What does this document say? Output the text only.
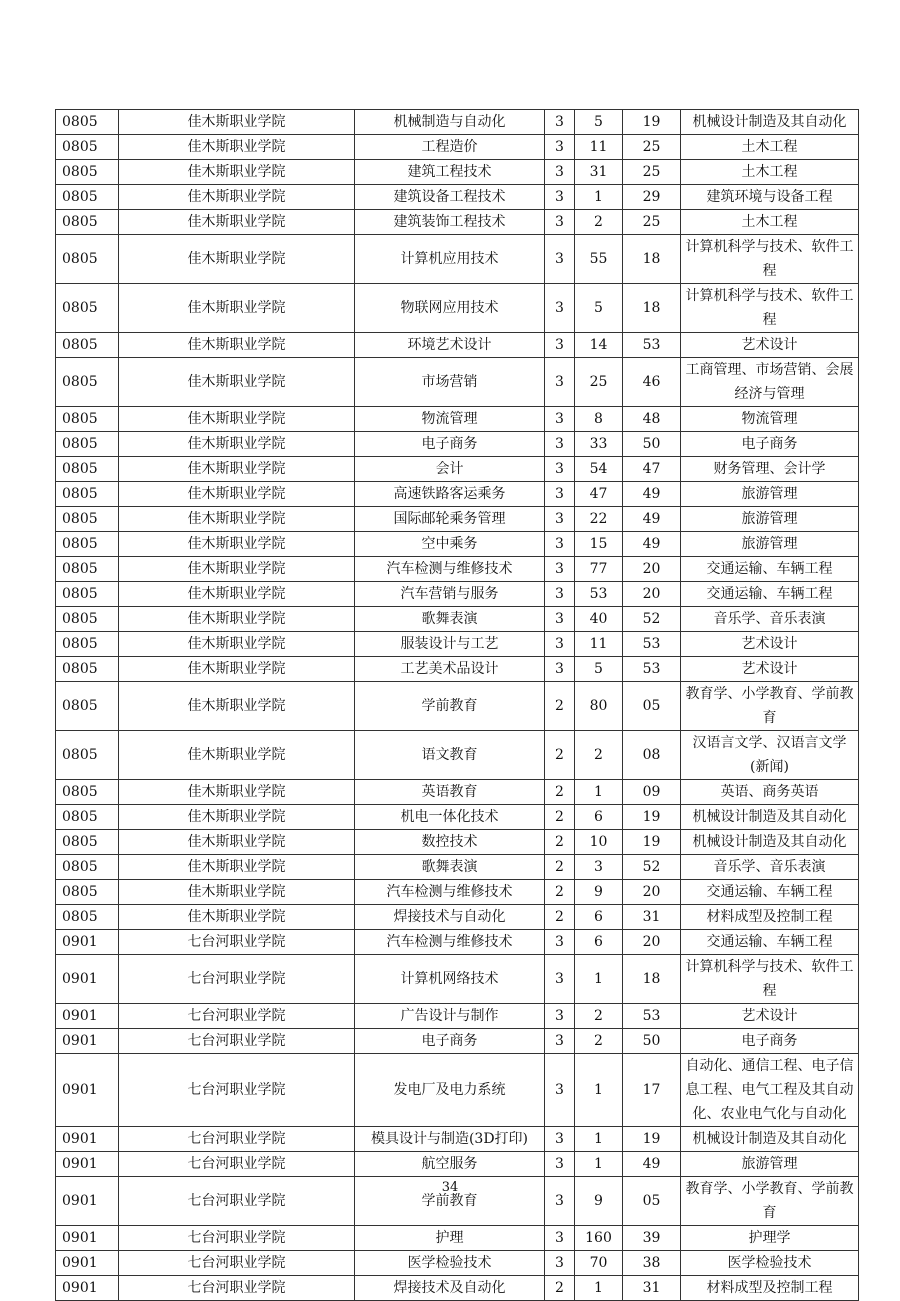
0805	佳木斯职业学院	机械制造与自动化	3	5	19	机械设计制造及其自动化
0805	佳木斯职业学院	工程造价	3	11	25	土木工程
0805	佳木斯职业学院	建筑工程技术	3	31	25	土木工程
0805	佳木斯职业学院	建筑设备工程技术	3	1	29	建筑环境与设备工程
0805	佳木斯职业学院	建筑装饰工程技术	3	2	25	土木工程
0805	佳木斯职业学院	计算机应用技术	3	55	18	计算机科学与技术、软件工程
0805	佳木斯职业学院	物联网应用技术	3	5	18	计算机科学与技术、软件工程
0805	佳木斯职业学院	环境艺术设计	3	14	53	艺术设计
0805	佳木斯职业学院	市场营销	3	25	46	工商管理、市场营销、会展经济与管理
0805	佳木斯职业学院	物流管理	3	8	48	物流管理
0805	佳木斯职业学院	电子商务	3	33	50	电子商务
0805	佳木斯职业学院	会计	3	54	47	财务管理、会计学
0805	佳木斯职业学院	高速铁路客运乘务	3	47	49	旅游管理
0805	佳木斯职业学院	国际邮轮乘务管理	3	22	49	旅游管理
0805	佳木斯职业学院	空中乘务	3	15	49	旅游管理
0805	佳木斯职业学院	汽车检测与维修技术	3	77	20	交通运输、车辆工程
0805	佳木斯职业学院	汽车营销与服务	3	53	20	交通运输、车辆工程
0805	佳木斯职业学院	歌舞表演	3	40	52	音乐学、音乐表演
0805	佳木斯职业学院	服装设计与工艺	3	11	53	艺术设计
0805	佳木斯职业学院	工艺美术品设计	3	5	53	艺术设计
0805	佳木斯职业学院	学前教育	2	80	05	教育学、小学教育、学前教育
0805	佳木斯职业学院	语文教育	2	2	08	汉语言文学、汉语言文学(新闻)
0805	佳木斯职业学院	英语教育	2	1	09	英语、商务英语
0805	佳木斯职业学院	机电一体化技术	2	6	19	机械设计制造及其自动化
0805	佳木斯职业学院	数控技术	2	10	19	机械设计制造及其自动化
0805	佳木斯职业学院	歌舞表演	2	3	52	音乐学、音乐表演
0805	佳木斯职业学院	汽车检测与维修技术	2	9	20	交通运输、车辆工程
0805	佳木斯职业学院	焊接技术与自动化	2	6	31	材料成型及控制工程
0901	七台河职业学院	汽车检测与维修技术	3	6	20	交通运输、车辆工程
0901	七台河职业学院	计算机网络技术	3	1	18	计算机科学与技术、软件工程
0901	七台河职业学院	广告设计与制作	3	2	53	艺术设计
0901	七台河职业学院	电子商务	3	2	50	电子商务
0901	七台河职业学院	发电厂及电力系统	3	1	17	自动化、通信工程、电子信息工程、电气工程及其自动化、农业电气化与自动化
0901	七台河职业学院	模具设计与制造(3D打印)	3	1	19	机械设计制造及其自动化
0901	七台河职业学院	航空服务	3	1	49	旅游管理
0901	七台河职业学院	学前教育	3	9	05	教育学、小学教育、学前教育
0901	七台河职业学院	护理	3	160	39	护理学
0901	七台河职业学院	医学检验技术	3	70	38	医学检验技术
0901	七台河职业学院	焊接技术及自动化	2	1	31	材料成型及控制工程
34
